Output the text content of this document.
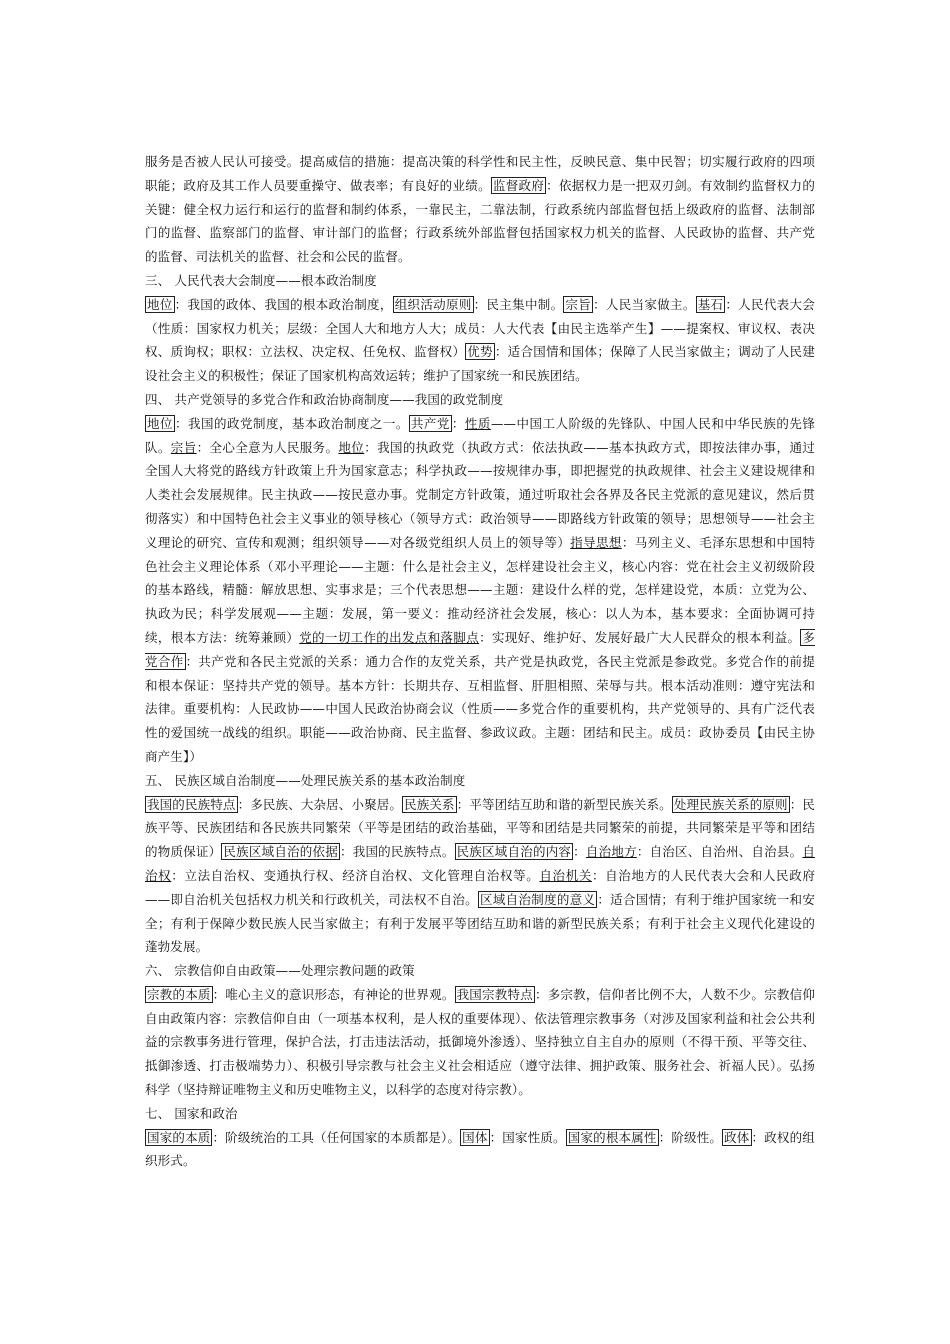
服务是否被人民认可接受。提高威信的措施：提高决策的科学性和民主性，反映民意、集中民智；切实履行政府的四项职能；政府及其工作人员要重操守、做表率；有良好的业绩。 监督政府 ：依据权力是一把双刃剑。有效制约监督权力的关键：健全权力运行和运行的监督和制约体系，一靠民主，二靠法制，行政系统内部监督包括上级政府的监督、法制部门的监督、监察部门的监督、审计部门的监督；行政系统外部监督包括国家权力机关的监督、人民政协的监督、共产党的监督、司法机关的监督、社会和公民的监督。

三、 人民代表大会制度——根本政治制度

地位 ：我国的政体、我国的根本政治制度， 组织活动原则 ：民主集中制。 宗旨 ：人民当家做主。 基石 ：人民代表大会（性质：国家权力机关；层级：全国人大和地方人大；成员：人大代表【由民主选举产生】——提案权、审议权、表决权、质询权；职权：立法权、决定权、任免权、监督权） 优势 ：适合国情和国体；保障了人民当家做主；调动了人民建设社会主义的积极性；保证了国家机构高效运转；维护了国家统一和民族团结。

四、 共产党领导的多党合作和政治协商制度——我国的政党制度

地位 ：我国的政党制度，基本政治制度之一。 共产党 ：性质——中国工人阶级的先锋队、中国人民和中华民族的先锋队。宗旨：全心全意为人民服务。地位：我国的执政党（执政方式：依法执政——基本执政方式，即按法律办事，通过全国人大将党的路线方针政策上升为国家意志；科学执政——按规律办事，即把握党的执政规律、社会主义建设规律和人类社会发展规律。民主执政——按民意办事。党制定方针政策，通过听取社会各界及各民主党派的意见建议，然后贯彻落实）和中国特色社会主义事业的领导核心（领导方式：政治领导——即路线方针政策的领导；思想领导——社会主义理论的研究、宣传和观测；组织领导——对各级党组织人员上的领导等）指导思想：马列主义、毛泽东思想和中国特色社会主义理论体系（邓小平理论——主题：什么是社会主义，怎样建设社会主义，核心内容：党在社会主义初级阶段的基本路线，精髓：解放思想、实事求是；三个代表思想——主题：建设什么样的党，怎样建设党，本质：立党为公、执政为民；科学发展观——主题：发展，第一要义：推动经济社会发展，核心：以人为本，基本要求：全面协调可持续，根本方法：统筹兼顾）党的一切工作的出发点和落脚点：实现好、维护好、发展好最广大人民群众的根本利益。 多党合作 ：共产党和各民主党派的关系：通力合作的友党关系，共产党是执政党，各民主党派是参政党。多党合作的前提和根本保证：坚持共产党的领导。基本方针：长期共存、互相监督、肝胆相照、荣辱与共。根本活动准则：遵守宪法和法律。重要机构：人民政协——中国人民政治协商会议（性质——多党合作的重要机构，共产党领导的、具有广泛代表性的爱国统一战线的组织。职能——政治协商、民主监督、参政议政。主题：团结和民主。成员：政协委员【由民主协商产生】）

五、 民族区域自治制度——处理民族关系的基本政治制度

我国的民族特点 ：多民族、大杂居、小聚居。 民族关系 ：平等团结互助和谐的新型民族关系。 处理民族关系的原则 ：民族平等、民族团结和各民族共同繁荣（平等是团结的政治基础，平等和团结是共同繁荣的前提，共同繁荣是平等和团结的物质保证） 民族区域自治的依据 ：我国的民族特点。 民族区域自治的内容 ：自治地方：自治区、自治州、自治县。自治权：立法自治权、变通执行权、经济自治权、文化管理自治权等。自治机关：自治地方的人民代表大会和人民政府——即自治机关包括权力机关和行政机关，司法权不自治。 区域自治制度的意义 ：适合国情；有利于维护国家统一和安全；有利于保障少数民族人民当家做主；有利于发展平等团结互助和谐的新型民族关系；有利于社会主义现代化建设的蓬勃发展。

六、 宗教信仰自由政策——处理宗教问题的政策

宗教的本质 ：唯心主义的意识形态，有神论的世界观。 我国宗教特点 ：多宗教，信仰者比例不大，人数不少。宗教信仰自由政策内容：宗教信仰自由（一项基本权利，是人权的重要体现）、依法管理宗教事务（对涉及国家利益和社会公共利益的宗教事务进行管理，保护合法，打击违法活动，抵御境外渗透）、坚持独立自主自办的原则（不得干预、平等交往、抵御渗透、打击极端势力）、积极引导宗教与社会主义社会相适应（遵守法律、拥护政策、服务社会、祈福人民）。弘扬科学（坚持辩证唯物主义和历史唯物主义，以科学的态度对待宗教）。

七、 国家和政治

国家的本质 ：阶级统治的工具（任何国家的本质都是）。 国体 ：国家性质。 国家的根本属性 ：阶级性。 政体 ：政权的组织形式。
